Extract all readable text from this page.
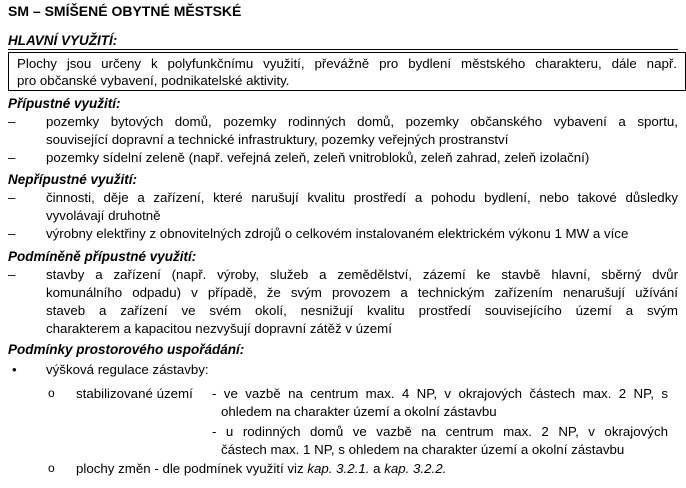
SM – SMÍŠENÉ OBYTNÉ MĚSTSKÉ
HLAVNÍ VYUŽITÍ:
Plochy jsou určeny k polyfunkčnímu využití, převážně pro bydlení městského charakteru, dále např.
pro občanské vybavení, podnikatelské aktivity.
Přípustné využití:
–	pozemky bytových domů, pozemky rodinných domů, pozemky občanského vybavení a sportu,
související dopravní a technické infrastruktury, pozemky veřejných prostranství
–	pozemky sídelní zeleně (např. veřejná zeleň, zeleň vnitrobloků, zeleň zahrad, zeleň izolační)
Nepřípustné využití:
–	činnosti, děje a zařízení, které narušují kvalitu prostředí a pohodu bydlení, nebo takové důsledky
vyvolávají druhotně
–	výrobny elektřiny z obnovitelných zdrojů o celkovém instalovaném elektrickém výkonu 1 MW a více
Podmíněně přípustné využití:
–	stavby a zařízení (např. výroby, služeb a zemědělství, zázemí ke stavbě hlavní, sběrný dvůr
komunálního odpadu) v případě, že svým provozem a technickým zařízením nenarušují užívání
staveb a zařízení ve svém okolí, nesnižují kvalitu prostředí souvisejícího území a svým
charakterem a kapacitou nezvyšují dopravní zátěž v území
Podmínky prostorového uspořádání:
•	výšková regulace zástavby:
o stabilizované území - ve vazbě na centrum max. 4 NP, v okrajových částech max. 2 NP, s
ohledem na charakter území a okolní zástavbu
- u rodinných domů ve vazbě na centrum max. 2 NP, v okrajových
částech max. 1 NP, s ohledem na charakter území a okolní zástavbu
o plochy změn - dle podmínek využití viz kap. 3.2.1. a kap. 3.2.2.
